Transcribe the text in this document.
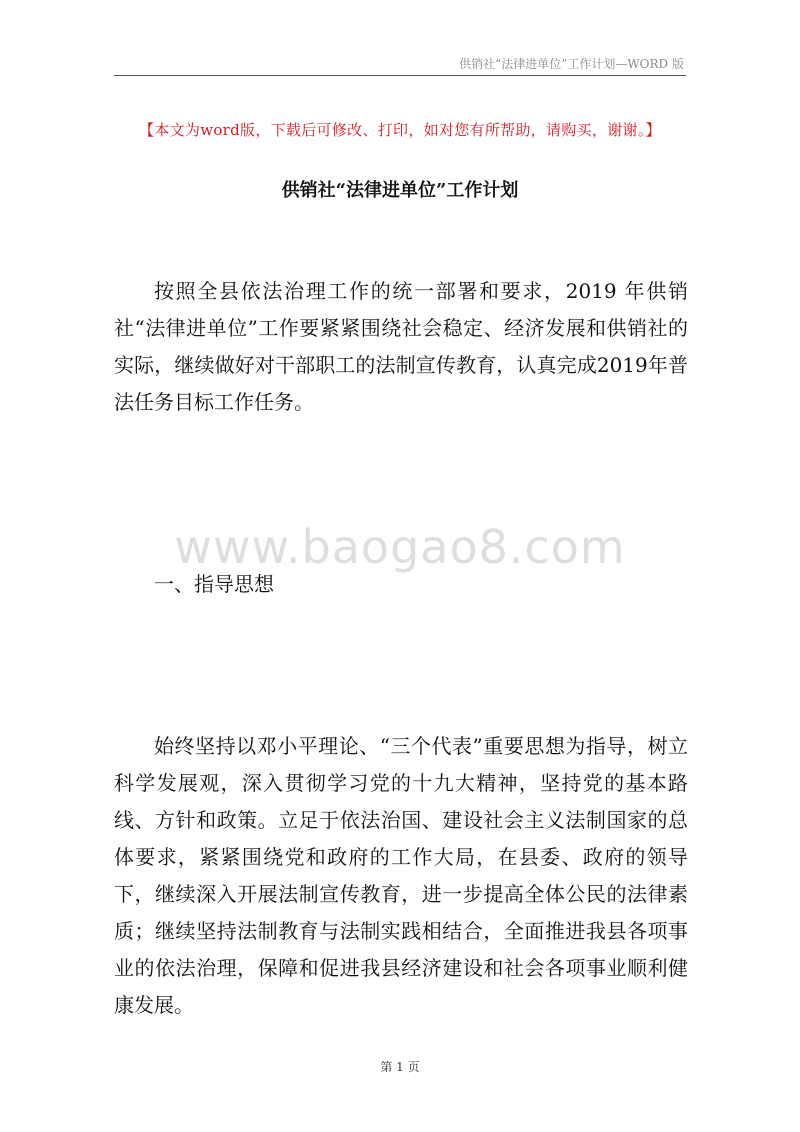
供销社“法律进单位”工作计划—WORD 版
【本文为word版，下载后可修改、打印，如对您有所帮助，请购买，谢谢。】
供销社“法律进单位”工作计划

按照全县依法治理工作的统一部署和要求，2019 年供销社“法律进单位”工作要紧紧围绕社会稳定、经济发展和供销社的实际，继续做好对干部职工的法制宣传教育，认真完成2019年普法任务目标工作任务。

www.baogao8.com

一、指导思想

始终坚持以邓小平理论、“三个代表”重要思想为指导，树立科学发展观，深入贯彻学习党的十九大精神，坚持党的基本路线、方针和政策。立足于依法治国、建设社会主义法制国家的总体要求，紧紧围绕党和政府的工作大局，在县委、政府的领导下，继续深入开展法制宣传教育，进一步提高全体公民的法律素质；继续坚持法制教育与法制实践相结合，全面推进我县各项事业的依法治理，保障和促进我县经济建设和社会各项事业顺利健康发展。

第 1 页
